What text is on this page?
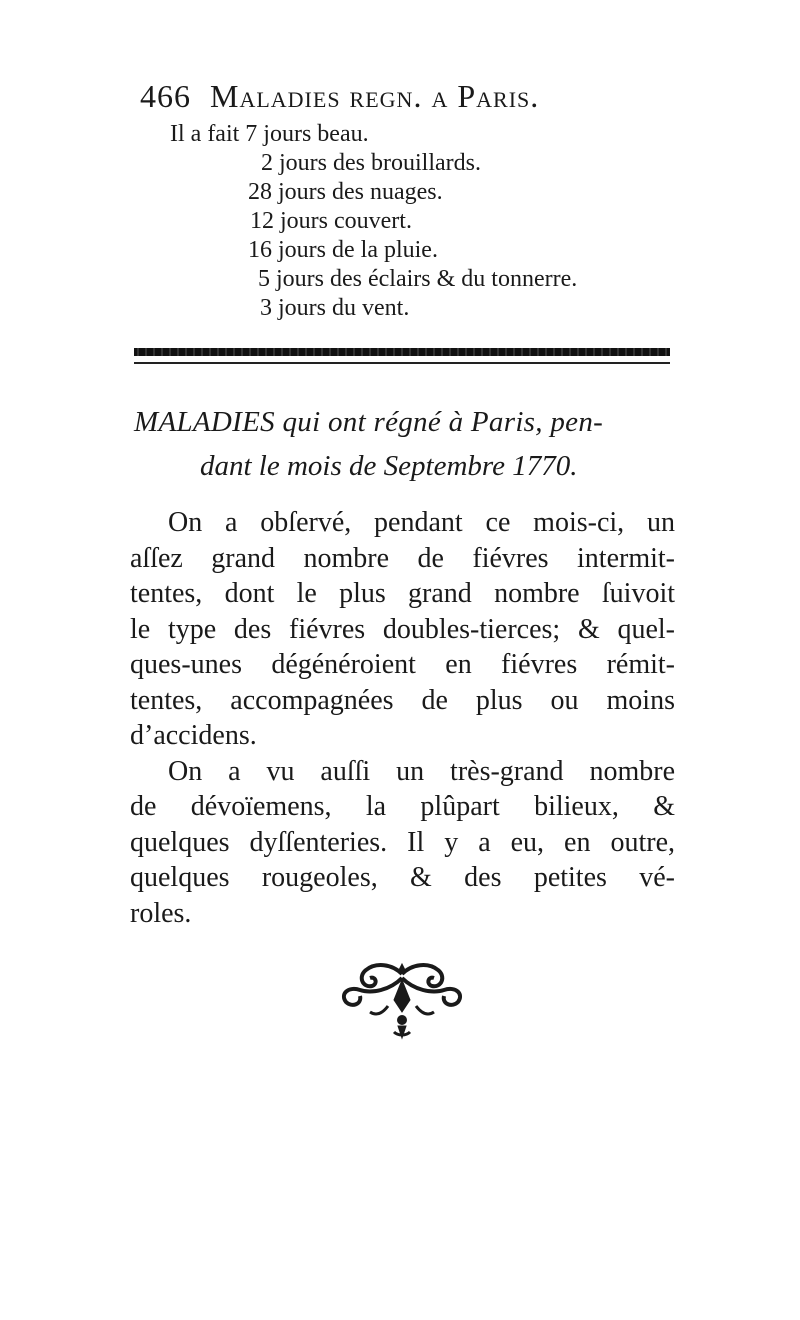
466 Maladies regn. a Paris.
Il a fait 7 jours beau.
2 jours des brouillards.
28 jours des nuages.
12 jours couvert.
16 jours de la pluie.
5 jours des éclairs & du tonnerre.
3 jours du vent.
MALADIES qui ont régné à Paris, pen-
dant le mois de Septembre 1770.

On a obſervé, pendant ce mois-ci, un
aſſez grand nombre de fiévres intermit-
tentes, dont le plus grand nombre ſuivoit
le type des fiévres doubles-tierces; & quel-
ques-unes dégénéroient en fiévres rémit-
tentes, accompagnées de plus ou moins
d’accidens.

On a vu auſſi un très-grand nombre
de dévoïemens, la plûpart bilieux, &
quelques dyſſenteries. Il y a eu, en outre,
quelques rougeoles, & des petites vé-
roles.
